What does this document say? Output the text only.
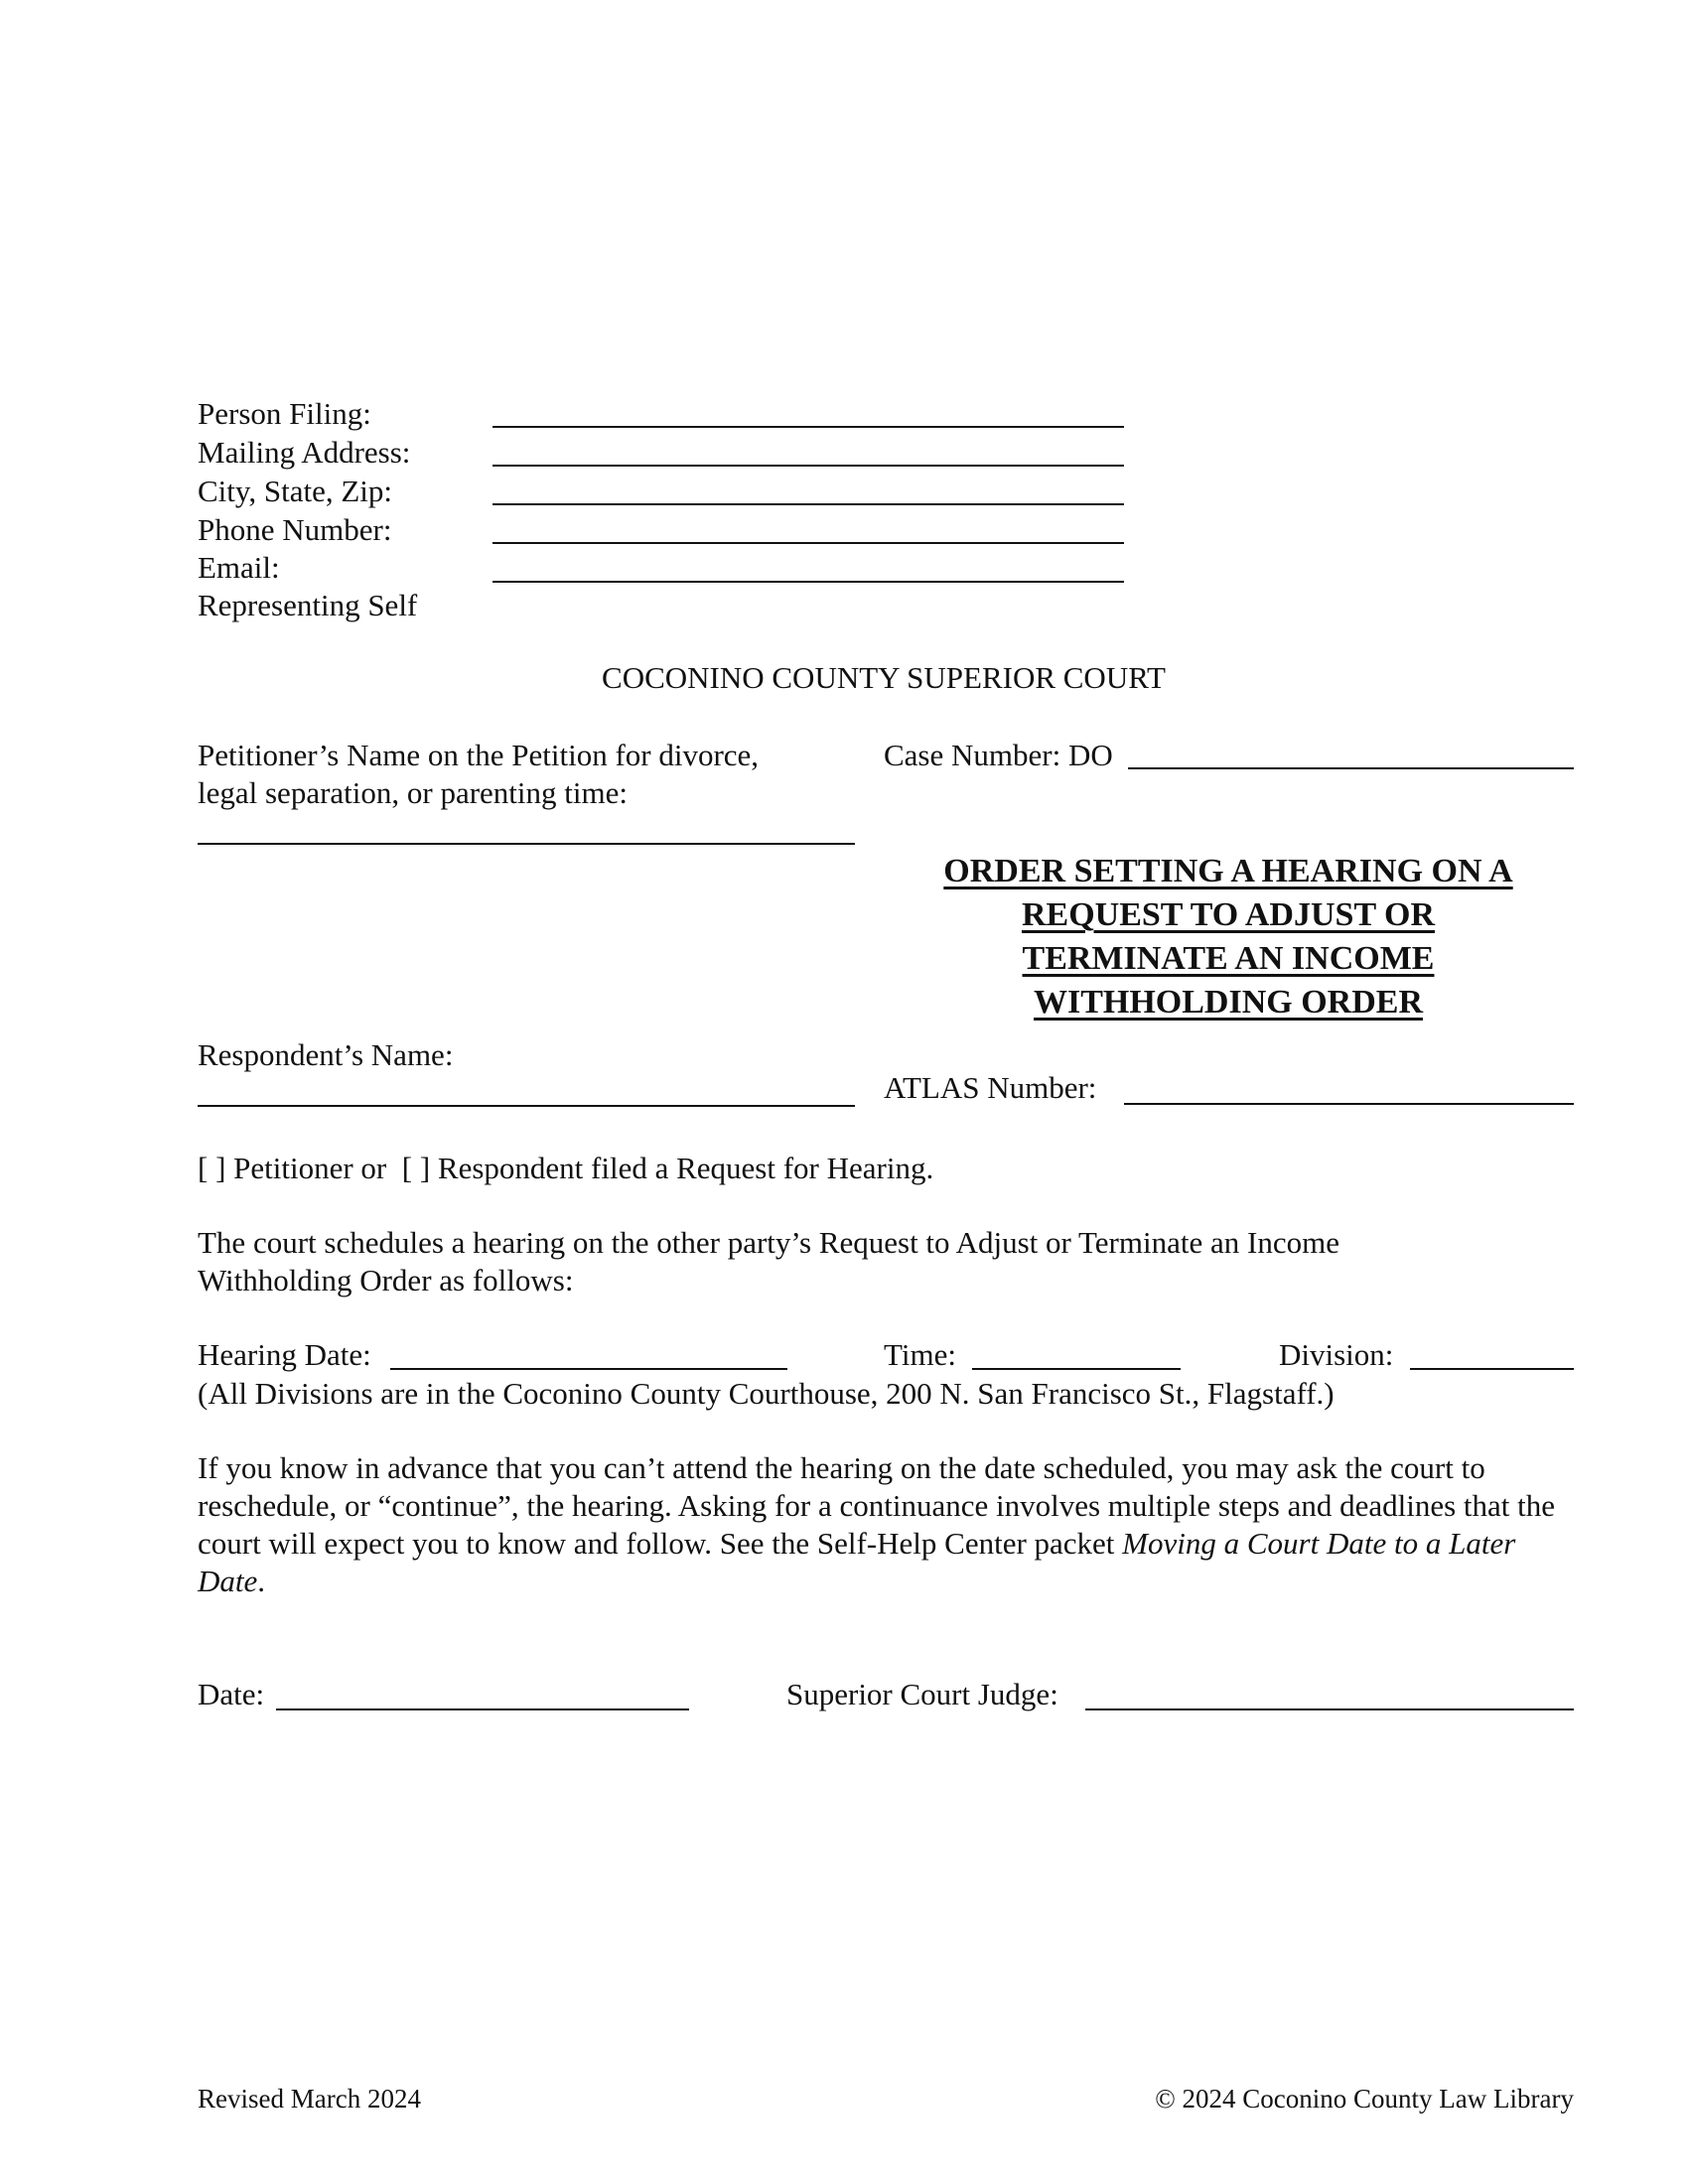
Person Filing:
Mailing Address:
City, State, Zip:
Phone Number:
Email:
Representing Self
COCONINO COUNTY SUPERIOR COURT
Petitioner’s Name on the Petition for divorce,
legal separation, or parenting time:
Case Number: DO
ORDER SETTING A HEARING ON A
REQUEST TO ADJUST OR
TERMINATE AN INCOME
WITHHOLDING ORDER
Respondent’s Name:
ATLAS Number:
[ ] Petitioner or [ ] Respondent filed a Request for Hearing.
The court schedules a hearing on the other party’s Request to Adjust or Terminate an Income Withholding Order as follows:
Hearing Date:	Time:	Division:
(All Divisions are in the Coconino County Courthouse, 200 N. San Francisco St., Flagstaff.)
If you know in advance that you can’t attend the hearing on the date scheduled, you may ask the court to reschedule, or “continue”, the hearing. Asking for a continuance involves multiple steps and deadlines that the court will expect you to know and follow. See the Self-Help Center packet Moving a Court Date to a Later Date.
Date:	Superior Court Judge:
Revised March 2024	© 2024 Coconino County Law Library
